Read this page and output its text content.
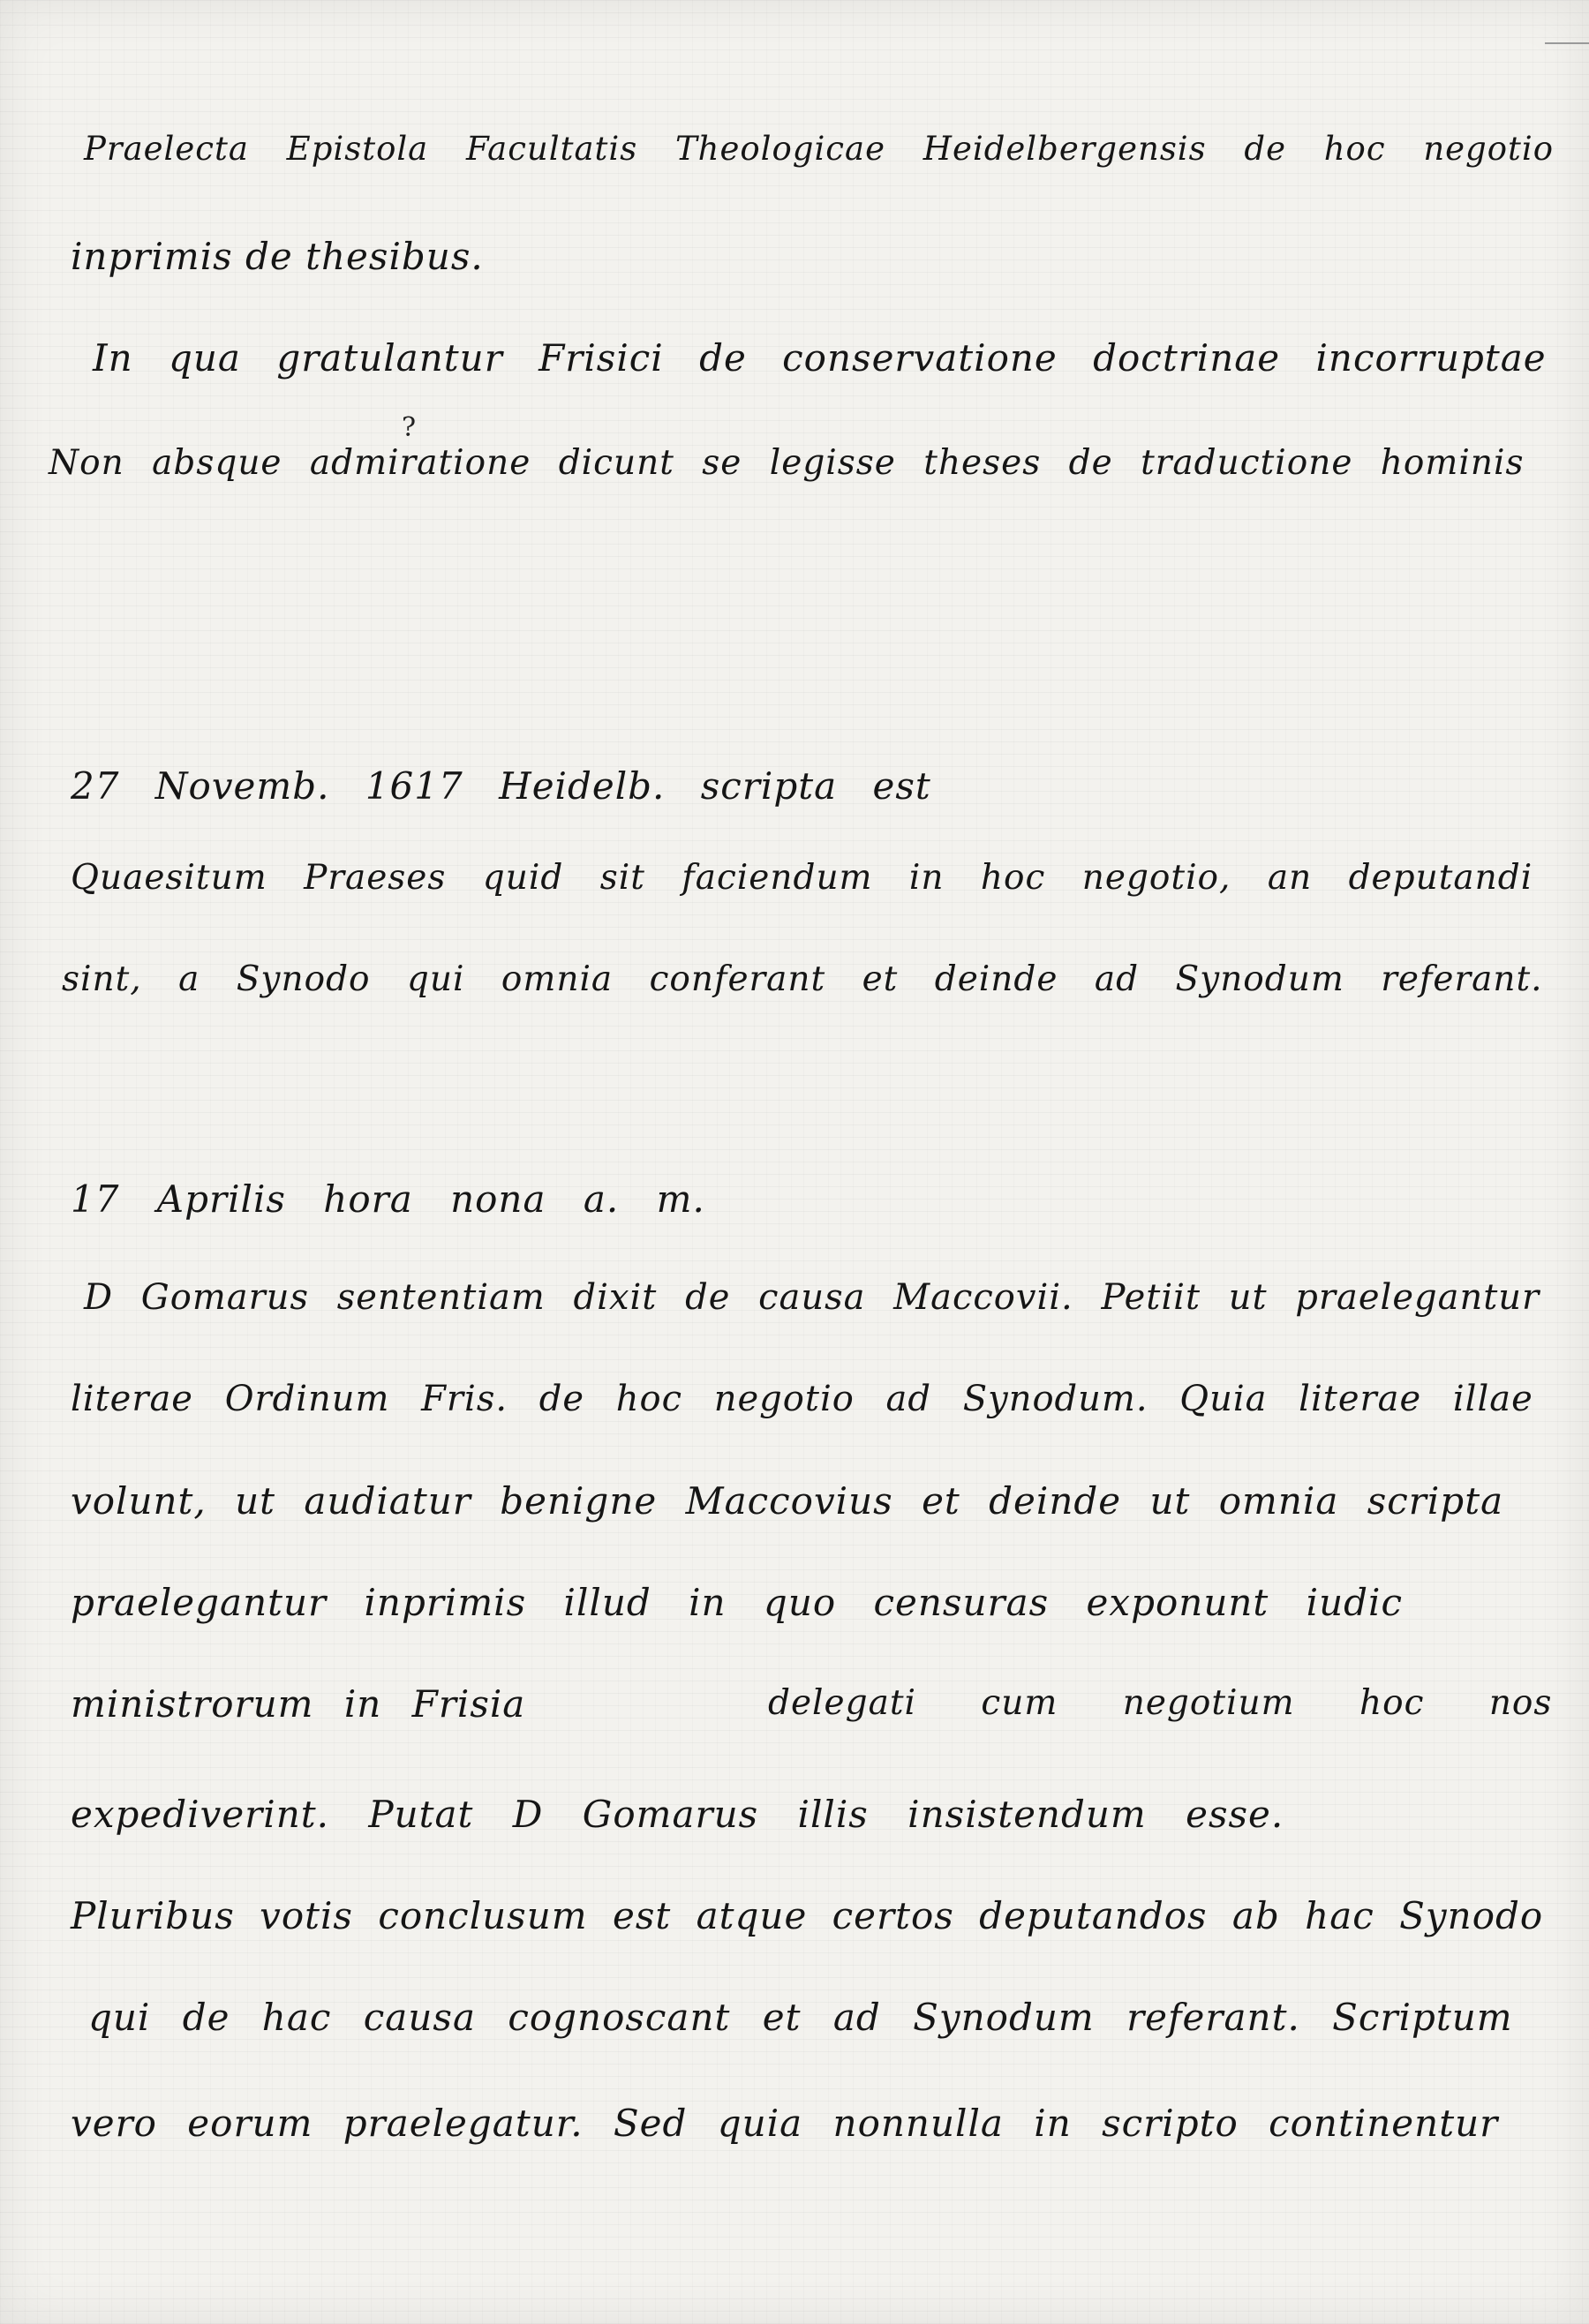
Praelecta Epistola Facultatis Theologicae Heidelbergensis de hoc negotio
inprimis de thesibus.
In qua gratulantur Frisici de conservatione doctrinae incorruptae
?
Non absque admiratione dicunt se legisse theses de traductione hominis
27 Novemb. 1617 Heidelb. scripta est
Quaesitum Praeses quid sit faciendum in hoc negotio, an deputandi
sint, a Synodo qui omnia conferant et deinde ad Synodum referant.
17 Aprilis hora nona a. m.
D Gomarus sententiam dixit de causa Maccovii. Petiit ut praelegantur
literae Ordinum Fris. de hoc negotio ad Synodum. Quia literae illae
volunt, ut audiatur benigne Maccovius et deinde ut omnia scripta
praelegantur inprimis illud in quo censuras exponunt iudic
ministrorum in Frisia	delegati cum negotium hoc nos
expediverint. Putat D Gomarus illis insistendum esse.
Pluribus votis conclusum est atque certos deputandos ab hac Synodo
qui de hac causa cognoscant et ad Synodum referant. Scriptum
vero eorum praelegatur. Sed quia nonnulla in scripto continentur
